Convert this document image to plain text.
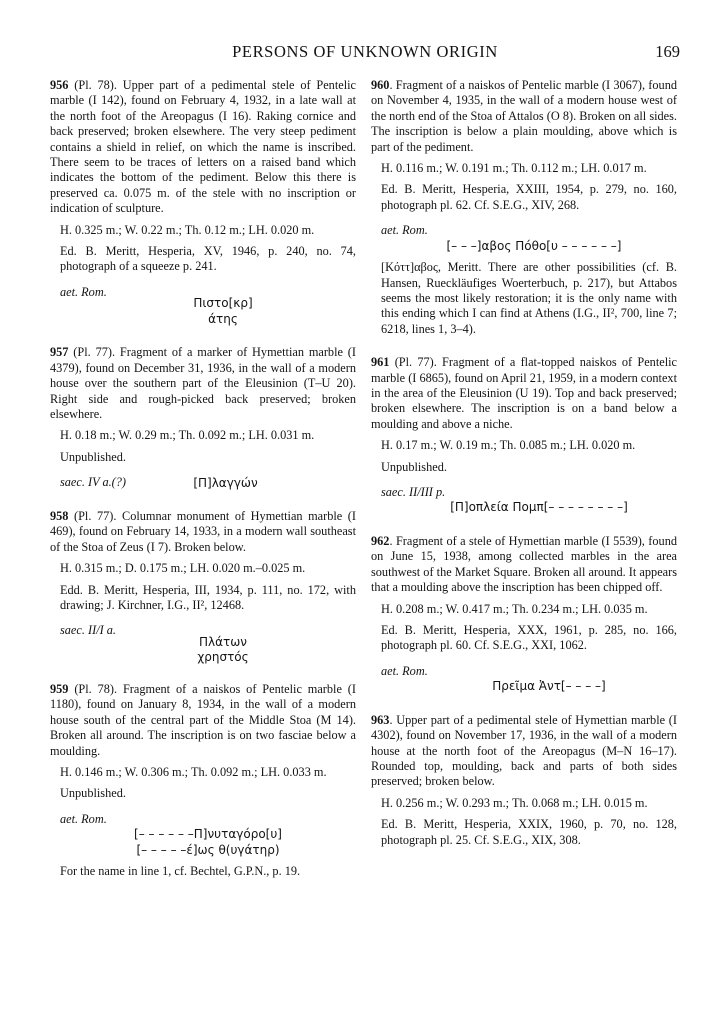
PERSONS OF UNKNOWN ORIGIN	169

956 (Pl. 78). Upper part of a pedimental stele of Pentelic marble (I 142), found on February 4, 1932, in a late wall at the north foot of the Areopagus (I 16). Raking cornice and back preserved; broken elsewhere. The very steep pediment contains a shield in relief, on which the name is inscribed. There seem to be traces of letters on a raised band which indicates the bottom of the pediment. Below this there is preserved ca. 0.075 m. of the stele with no inscription or indication of sculpture.

H. 0.325 m.; W. 0.22 m.; Th. 0.12 m.; LH. 0.020 m.

Ed. B. Meritt, Hesperia, XV, 1946, p. 240, no. 74, photograph of a squeeze p. 241.

aet. Rom.
Πιστο[κρ]
άτης

957 (Pl. 77). Fragment of a marker of Hymettian marble (I 4379), found on December 31, 1936, in the wall of a modern house over the southern part of the Eleusinion (T–U 20). Right side and rough-picked back preserved; broken elsewhere.

H. 0.18 m.; W. 0.29 m.; Th. 0.092 m.; LH. 0.031 m.

Unpublished.

saec. IV a.(?)	[Π]λαγγών

958 (Pl. 77). Columnar monument of Hymettian marble (I 469), found on February 14, 1933, in a modern wall southeast of the Stoa of Zeus (I 7). Broken below.

H. 0.315 m.; D. 0.175 m.; LH. 0.020 m.–0.025 m.

Edd. B. Meritt, Hesperia, III, 1934, p. 111, no. 172, with drawing; J. Kirchner, I.G., II², 12468.

saec. II/I a.
Πλάτων
χρηστός

959 (Pl. 78). Fragment of a naiskos of Pentelic marble (I 1180), found on January 8, 1934, in the wall of a modern house south of the central part of the Middle Stoa (M 14). Broken all around. The inscription is on two fasciae below a moulding.

H. 0.146 m.; W. 0.306 m.; Th. 0.092 m.; LH. 0.033 m.

Unpublished.

aet. Rom.
[– – – – – –Π]νυταγόρο[υ]
[– – – – –έ]ως θ(υγάτηρ)

For the name in line 1, cf. Bechtel, G.P.N., p. 19.

960. Fragment of a naiskos of Pentelic marble (I 3067), found on November 4, 1935, in the wall of a modern house west of the north end of the Stoa of Attalos (O 8). Broken on all sides. The inscription is below a plain moulding, above which is part of the pediment.

H. 0.116 m.; W. 0.191 m.; Th. 0.112 m.; LH. 0.017 m.

Ed. B. Meritt, Hesperia, XXIII, 1954, p. 279, no. 160, photograph pl. 62. Cf. S.E.G., XIV, 268.

aet. Rom.
[– – –]αβος Πόθο[υ – – – – – –]

[Κόττ]αβος, Meritt. There are other possibilities (cf. B. Hansen, Rueckläufiges Woerterbuch, p. 217), but Attabos seems the most likely restoration; it is the only name with this ending which I can find at Athens (I.G., II², 700, line 7; 6218, lines 1, 3–4).

961 (Pl. 77). Fragment of a flat-topped naiskos of Pentelic marble (I 6865), found on April 21, 1959, in a modern context in the area of the Eleusinion (U 19). Top and back preserved; broken elsewhere. The inscription is on a band below a moulding and above a niche.

H. 0.17 m.; W. 0.19 m.; Th. 0.085 m.; LH. 0.020 m.

Unpublished.

saec. II/III p.
[Π]οπλεία Πομπ[– – – – – – – –]

962. Fragment of a stele of Hymettian marble (I 5539), found on June 15, 1938, among collected marbles in the area southwest of the Market Square. Broken all around. It appears that a moulding above the inscription has been chipped off.

H. 0.208 m.; W. 0.417 m.; Th. 0.234 m.; LH. 0.035 m.

Ed. B. Meritt, Hesperia, XXX, 1961, p. 285, no. 166, photograph pl. 60. Cf. S.E.G., XXI, 1062.

aet. Rom.
Πρεῖμα Ἀντ[– – – –]

963. Upper part of a pedimental stele of Hymettian marble (I 4302), found on November 17, 1936, in the wall of a modern house at the north foot of the Areopagus (M–N 16–17). Rounded top, moulding, back and parts of both sides preserved; broken below.

H. 0.256 m.; W. 0.293 m.; Th. 0.068 m.; LH. 0.015 m.

Ed. B. Meritt, Hesperia, XXIX, 1960, p. 70, no. 128, photograph pl. 25. Cf. S.E.G., XIX, 308.
